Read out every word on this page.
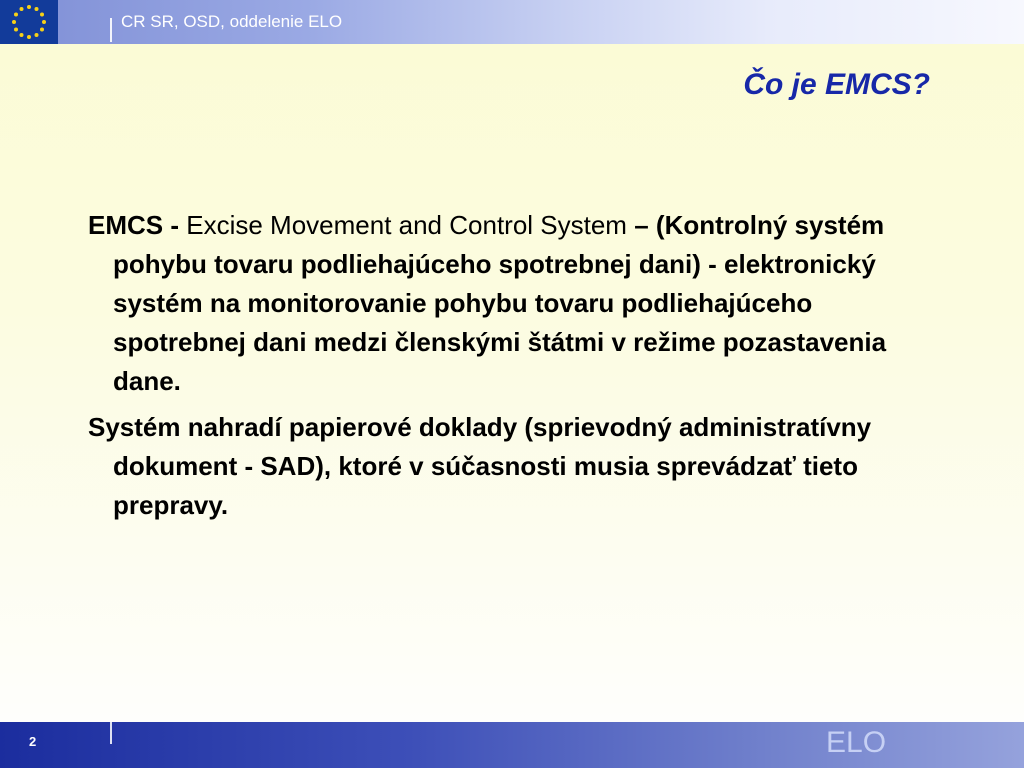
CR SR, OSD, oddelenie ELO
Čo je EMCS?

EMCS - Excise Movement and Control System – (Kontrolný systém pohybu tovaru podliehajúceho spotrebnej dani) - elektronický systém na monitorovanie pohybu tovaru podliehajúceho spotrebnej dani medzi členskými štátmi v režime pozastavenia dane.

Systém nahradí papierové doklady (sprievodný administratívny dokument - SAD), ktoré v súčasnosti musia sprevádzať tieto prepravy.

2	ELO
